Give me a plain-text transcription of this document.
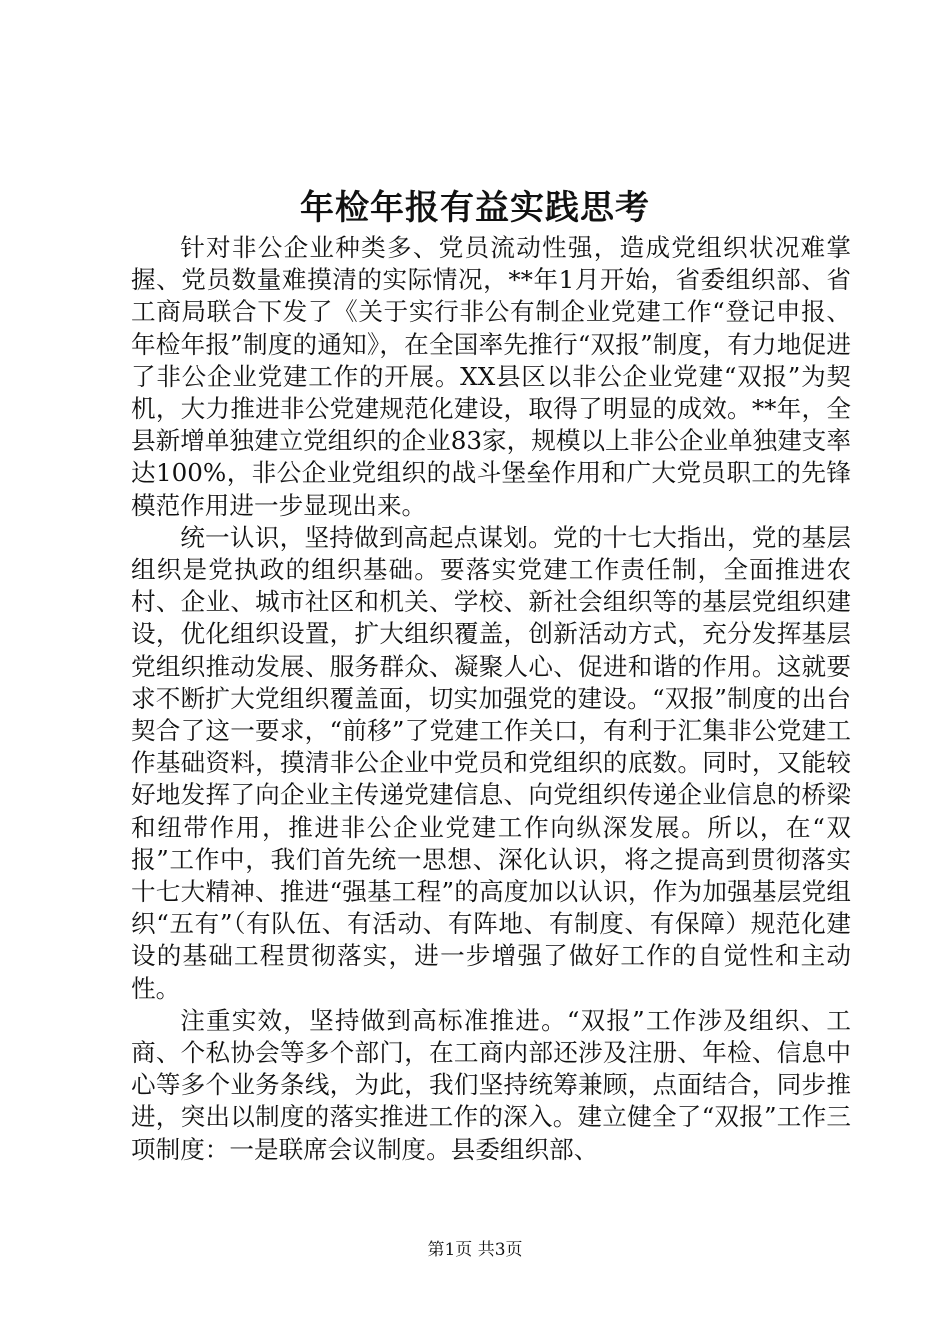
年检年报有益实践思考

针对非公企业种类多、党员流动性强，造成党组织状况难掌握、党员数量难摸清的实际情况，**年1月开始，省委组织部、省工商局联合下发了《关于实行非公有制企业党建工作“登记申报、年检年报”制度的通知》，在全国率先推行“双报”制度，有力地促进了非公企业党建工作的开展。XX县区以非公企业党建“双报”为契机，大力推进非公党建规范化建设，取得了明显的成效。**年，全县新增单独建立党组织的企业83家，规模以上非公企业单独建支率达100%，非公企业党组织的战斗堡垒作用和广大党员职工的先锋模范作用进一步显现出来。

统一认识，坚持做到高起点谋划。党的十七大指出，党的基层组织是党执政的组织基础。要落实党建工作责任制，全面推进农村、企业、城市社区和机关、学校、新社会组织等的基层党组织建设，优化组织设置，扩大组织覆盖，创新活动方式，充分发挥基层党组织推动发展、服务群众、凝聚人心、促进和谐的作用。这就要求不断扩大党组织覆盖面，切实加强党的建设。“双报”制度的出台契合了这一要求，“前移”了党建工作关口，有利于汇集非公党建工作基础资料，摸清非公企业中党员和党组织的底数。同时，又能较好地发挥了向企业主传递党建信息、向党组织传递企业信息的桥梁和纽带作用，推进非公企业党建工作向纵深发展。所以，在“双报”工作中，我们首先统一思想、深化认识，将之提高到贯彻落实十七大精神、推进“强基工程”的高度加以认识，作为加强基层党组织“五有”（有队伍、有活动、有阵地、有制度、有保障）规范化建设的基础工程贯彻落实，进一步增强了做好工作的自觉性和主动性。

注重实效，坚持做到高标准推进。“双报”工作涉及组织、工商、个私协会等多个部门，在工商内部还涉及注册、年检、信息中心等多个业务条线，为此，我们坚持统筹兼顾，点面结合，同步推进，突出以制度的落实推进工作的深入。建立健全了“双报”工作三项制度：一是联席会议制度。县委组织部、

第1页 共3页
